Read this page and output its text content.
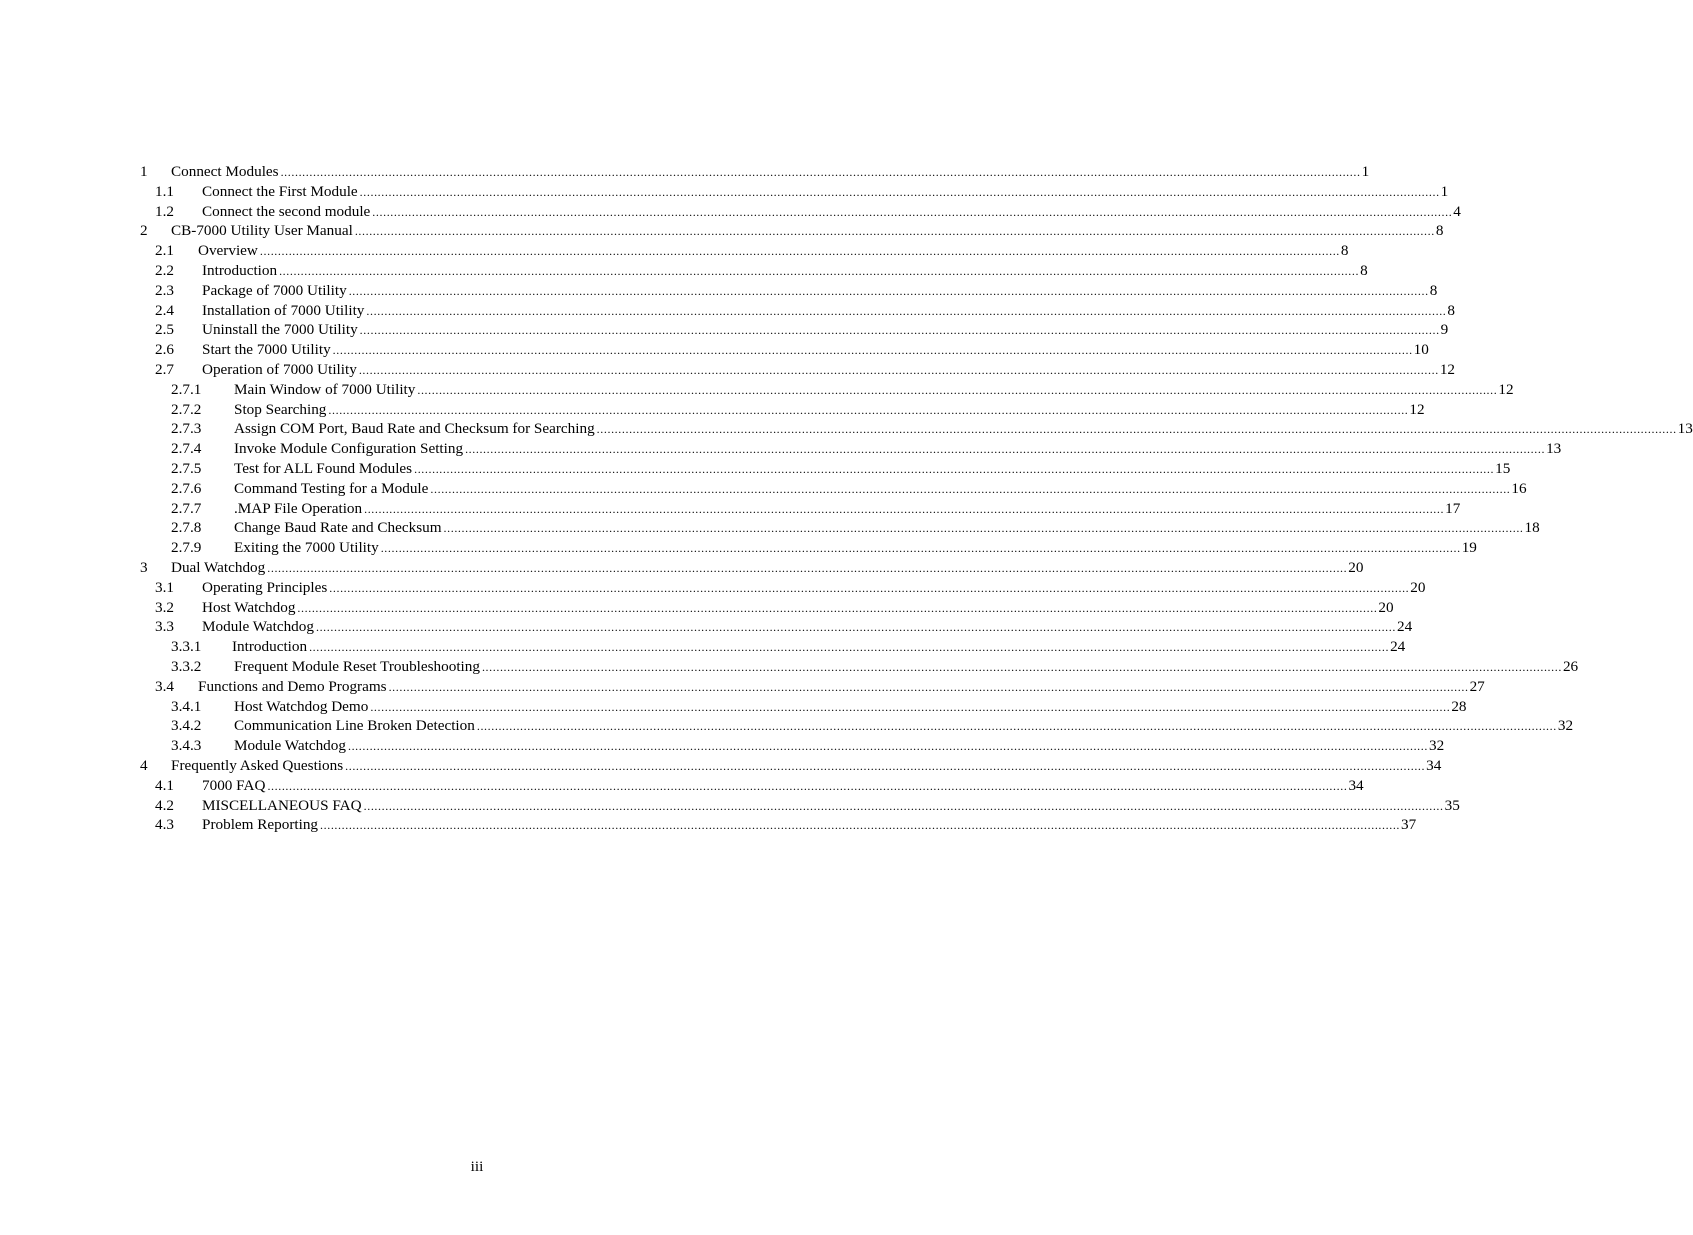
1	Connect Modules ............................................................................................................................................................................................................................................................................................................ 1
1.1	Connect the First Module ............................................................................................................................................................................................................................................................................................................ 1
1.2	Connect the second module ............................................................................................................................................................................................................................................................................................................ 4
2	CB-7000 Utility User Manual ............................................................................................................................................................................................................................................................................................................ 8
2.1	Overview ............................................................................................................................................................................................................................................................................................................ 8
2.2	Introduction ............................................................................................................................................................................................................................................................................................................ 8
2.3	Package of 7000 Utility ............................................................................................................................................................................................................................................................................................................ 8
2.4	Installation of 7000 Utility ............................................................................................................................................................................................................................................................................................................ 8
2.5	Uninstall the 7000 Utility ............................................................................................................................................................................................................................................................................................................ 9
2.6	Start the 7000 Utility ............................................................................................................................................................................................................................................................................................................ 10
2.7	Operation of 7000 Utility ............................................................................................................................................................................................................................................................................................................ 12
2.7.1	Main Window of 7000 Utility ............................................................................................................................................................................................................................................................................................................ 12
2.7.2	Stop Searching ............................................................................................................................................................................................................................................................................................................ 12
2.7.3	Assign COM Port, Baud Rate and Checksum for Searching ............................................................................................................................................................................................................................................................................................................ 13
2.7.4	Invoke Module Configuration Setting ............................................................................................................................................................................................................................................................................................................ 13
2.7.5	Test for ALL Found Modules ............................................................................................................................................................................................................................................................................................................ 15
2.7.6	Command Testing for a Module ............................................................................................................................................................................................................................................................................................................ 16
2.7.7	.MAP File Operation ............................................................................................................................................................................................................................................................................................................ 17
2.7.8	Change Baud Rate and Checksum ............................................................................................................................................................................................................................................................................................................ 18
2.7.9	Exiting the 7000 Utility ............................................................................................................................................................................................................................................................................................................ 19
3	Dual Watchdog ............................................................................................................................................................................................................................................................................................................ 20
3.1	Operating Principles ............................................................................................................................................................................................................................................................................................................ 20
3.2	Host Watchdog ............................................................................................................................................................................................................................................................................................................ 20
3.3	Module Watchdog ............................................................................................................................................................................................................................................................................................................ 24
3.3.1	Introduction ............................................................................................................................................................................................................................................................................................................ 24
3.3.2	Frequent Module Reset Troubleshooting ............................................................................................................................................................................................................................................................................................................ 26
3.4	Functions and Demo Programs ............................................................................................................................................................................................................................................................................................................ 27
3.4.1	Host Watchdog Demo ............................................................................................................................................................................................................................................................................................................ 28
3.4.2	Communication Line Broken Detection ............................................................................................................................................................................................................................................................................................................ 32
3.4.3	Module Watchdog ............................................................................................................................................................................................................................................................................................................ 32
4	Frequently Asked Questions ............................................................................................................................................................................................................................................................................................................ 34
4.1	7000 FAQ ............................................................................................................................................................................................................................................................................................................ 34
4.2	MISCELLANEOUS FAQ ............................................................................................................................................................................................................................................................................................................ 35
4.3	Problem Reporting ............................................................................................................................................................................................................................................................................................................ 37
iii
